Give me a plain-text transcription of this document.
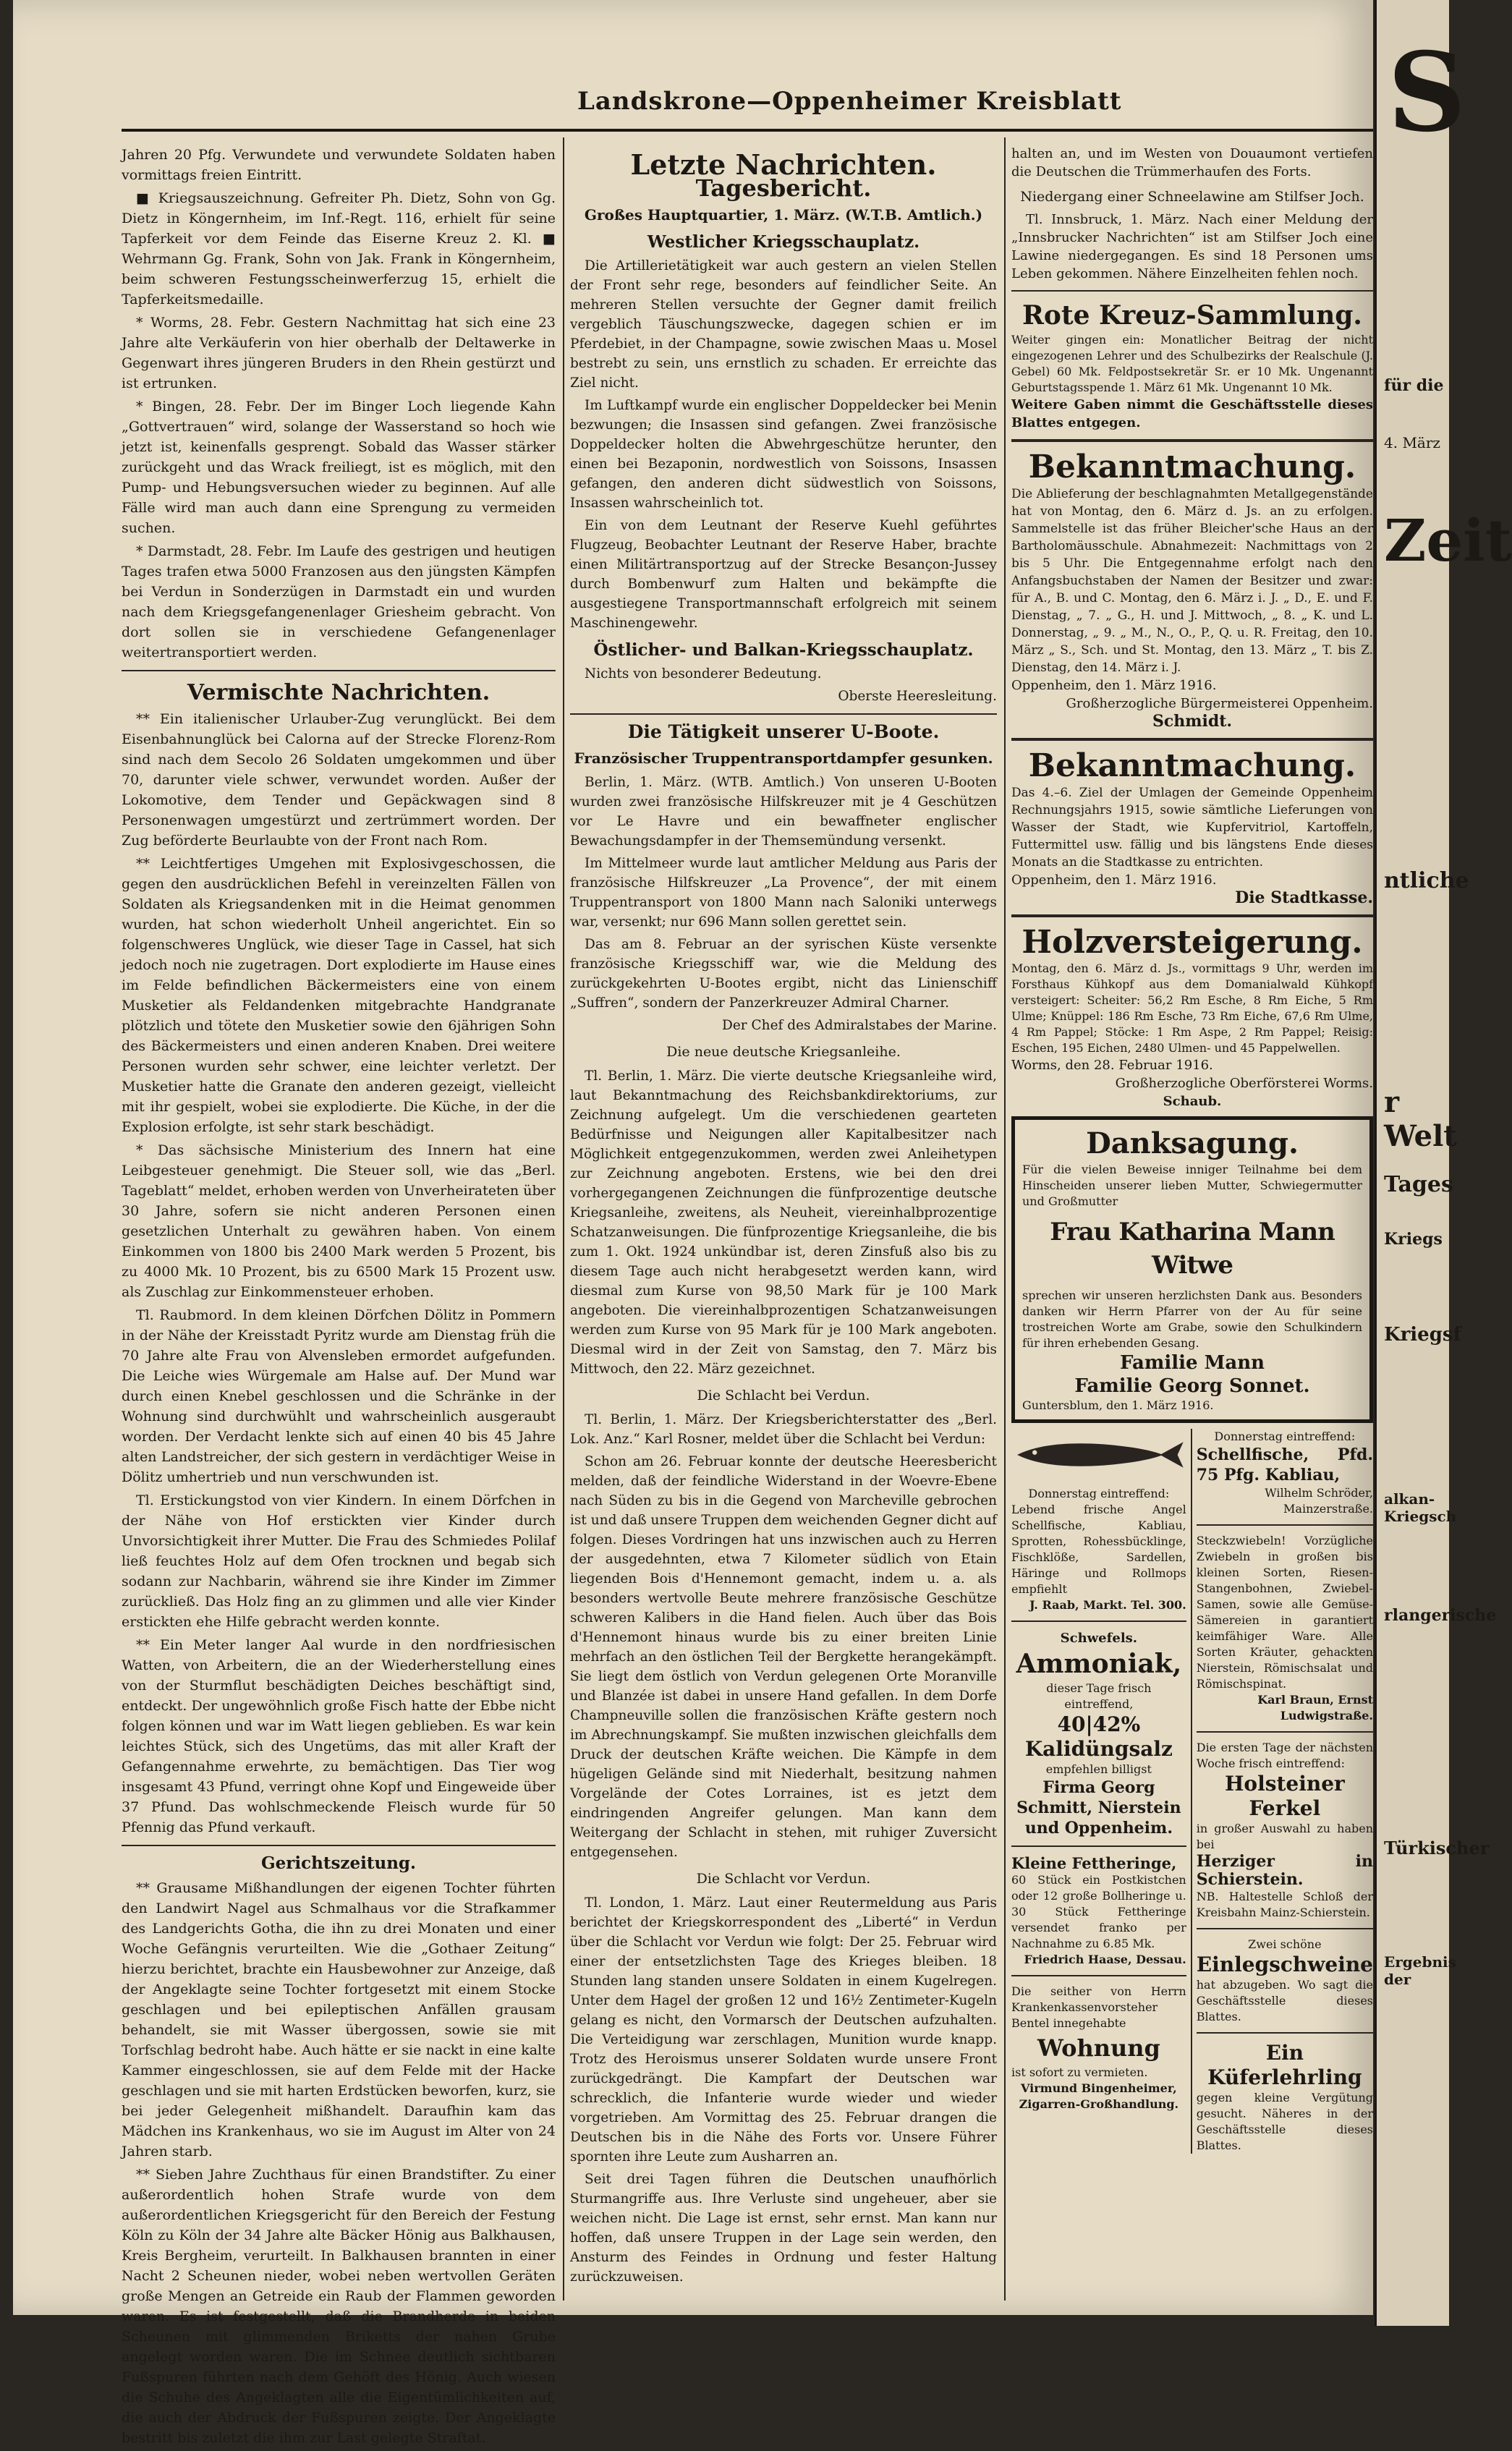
Landskrone—Oppenheimer Kreisblatt

Jahren 20 Pfg. Verwundete und verwundete Soldaten haben vormittags freien Eintritt.

■ Kriegsauszeichnung. Gefreiter Ph. Dietz, Sohn von Gg. Dietz in Köngernheim, im Inf.-Regt. 116, erhielt für seine Tapferkeit vor dem Feinde das Eiserne Kreuz 2. Kl. ■ Wehrmann Gg. Frank, Sohn von Jak. Frank in Köngernheim, beim schweren Festungsscheinwerferzug 15, erhielt die Tapferkeitsmedaille.

* Worms, 28. Febr. Gestern Nachmittag hat sich eine 23 Jahre alte Verkäuferin von hier oberhalb der Deltawerke in Gegenwart ihres jüngeren Bruders in den Rhein gestürzt und ist ertrunken.

* Bingen, 28. Febr. Der im Binger Loch liegende Kahn „Gottvertrauen“ wird, solange der Wasserstand so hoch wie jetzt ist, keinenfalls gesprengt. Sobald das Wasser stärker zurückgeht und das Wrack freiliegt, ist es möglich, mit den Pump- und Hebungsversuchen wieder zu beginnen. Auf alle Fälle wird man auch dann eine Sprengung zu vermeiden suchen.

* Darmstadt, 28. Febr. Im Laufe des gestrigen und heutigen Tages trafen etwa 5000 Franzosen aus den jüngsten Kämpfen bei Verdun in Sonderzügen in Darmstadt ein und wurden nach dem Kriegsgefangenenlager Griesheim gebracht. Von dort sollen sie in verschiedene Gefangenenlager weitertransportiert werden.

Vermischte Nachrichten.

** Ein italienischer Urlauber-Zug verunglückt. Bei dem Eisenbahnunglück bei Calorna auf der Strecke Florenz-Rom sind nach dem Secolo 26 Soldaten umgekommen und über 70, darunter viele schwer, verwundet worden. Außer der Lokomotive, dem Tender und Gepäckwagen sind 8 Personenwagen umgestürzt und zertrümmert worden. Der Zug beförderte Beurlaubte von der Front nach Rom.

** Leichtfertiges Umgehen mit Explosivgeschossen, die gegen den ausdrücklichen Befehl in vereinzelten Fällen von Soldaten als Kriegsandenken mit in die Heimat genommen wurden, hat schon wiederholt Unheil angerichtet. Ein so folgenschweres Unglück, wie dieser Tage in Cassel, hat sich jedoch noch nie zugetragen. Dort explodierte im Hause eines im Felde befindlichen Bäckermeisters eine von einem Musketier als Feldandenken mitgebrachte Handgranate plötzlich und tötete den Musketier sowie den 6jährigen Sohn des Bäckermeisters und einen anderen Knaben. Drei weitere Personen wurden sehr schwer, eine leichter verletzt. Der Musketier hatte die Granate den anderen gezeigt, vielleicht mit ihr gespielt, wobei sie explodierte. Die Küche, in der die Explosion erfolgte, ist sehr stark beschädigt.

* Das sächsische Ministerium des Innern hat eine Leibgesteuer genehmigt. Die Steuer soll, wie das „Berl. Tageblatt“ meldet, erhoben werden von Unverheirateten über 30 Jahre, sofern sie nicht anderen Personen einen gesetzlichen Unterhalt zu gewähren haben. Von einem Einkommen von 1800 bis 2400 Mark werden 5 Prozent, bis zu 4000 Mk. 10 Prozent, bis zu 6500 Mark 15 Prozent usw. als Zuschlag zur Einkommensteuer erhoben.

Tl. Raubmord. In dem kleinen Dörfchen Dölitz in Pommern in der Nähe der Kreisstadt Pyritz wurde am Dienstag früh die 70 Jahre alte Frau von Alvensleben ermordet aufgefunden. Die Leiche wies Würgemale am Halse auf. Der Mund war durch einen Knebel geschlossen und die Schränke in der Wohnung sind durchwühlt und wahrscheinlich ausgeraubt worden. Der Verdacht lenkte sich auf einen 40 bis 45 Jahre alten Landstreicher, der sich gestern in verdächtiger Weise in Dölitz umhertrieb und nun verschwunden ist.

Tl. Erstickungstod von vier Kindern. In einem Dörfchen in der Nähe von Hof erstickten vier Kinder durch Unvorsichtigkeit ihrer Mutter. Die Frau des Schmiedes Polilaf ließ feuchtes Holz auf dem Ofen trocknen und begab sich sodann zur Nachbarin, während sie ihre Kinder im Zimmer zurückließ. Das Holz fing an zu glimmen und alle vier Kinder erstickten ehe Hilfe gebracht werden konnte.

** Ein Meter langer Aal wurde in den nordfriesischen Watten, von Arbeitern, die an der Wiederherstellung eines von der Sturmflut beschädigten Deiches beschäftigt sind, entdeckt. Der ungewöhnlich große Fisch hatte der Ebbe nicht folgen können und war im Watt liegen geblieben. Es war kein leichtes Stück, sich des Ungetüms, das mit aller Kraft der Gefangennahme erwehrte, zu bemächtigen. Das Tier wog insgesamt 43 Pfund, verringt ohne Kopf und Eingeweide über 37 Pfund. Das wohlschmeckende Fleisch wurde für 50 Pfennig das Pfund verkauft.

Gerichtszeitung.

** Grausame Mißhandlungen der eigenen Tochter führten den Landwirt Nagel aus Schmalhaus vor die Strafkammer des Landgerichts Gotha, die ihn zu drei Monaten und einer Woche Gefängnis verurteilten. Wie die „Gothaer Zeitung“ hierzu berichtet, brachte ein Hausbewohner zur Anzeige, daß der Angeklagte seine Tochter fortgesetzt mit einem Stocke geschlagen und bei epileptischen Anfällen grausam behandelt, sie mit Wasser übergossen, sowie sie mit Torfschlag bedroht habe. Auch hätte er sie nackt in eine kalte Kammer eingeschlossen, sie auf dem Felde mit der Hacke geschlagen und sie mit harten Erdstücken beworfen, kurz, sie bei jeder Gelegenheit mißhandelt. Daraufhin kam das Mädchen ins Krankenhaus, wo sie im August im Alter von 24 Jahren starb.

** Sieben Jahre Zuchthaus für einen Brandstifter. Zu einer außerordentlich hohen Strafe wurde von dem außerordentlichen Kriegsgericht für den Bereich der Festung Köln zu Köln der 34 Jahre alte Bäcker Hönig aus Balkhausen, Kreis Bergheim, verurteilt. In Balkhausen brannten in einer Nacht 2 Scheunen nieder, wobei neben wertvollen Geräten große Mengen an Getreide ein Raub der Flammen geworden waren. Es ist festgestellt, daß die Brandherde in beiden Scheunen mit glimmenden Briketts der nahen Grube angelegt worden waren. Die im Schnee deutlich sichtbaren Fußspuren führten nach dem Gehöft des Hönig. Auch wiesen die Schuhe des Angeklagten alle die Eigentümlichkeiten auf, die auch der Abdruck der Fußspuren zeigte. Der Angeklagte bestritt bis zuletzt die ihm zur Last gelegte Straftat.

Letzte Nachrichten.
Tagesbericht.
Großes Hauptquartier, 1. März. (W.T.B. Amtlich.)
Westlicher Kriegsschauplatz.

Die Artillerietätigkeit war auch gestern an vielen Stellen der Front sehr rege, besonders auf feindlicher Seite. An mehreren Stellen versuchte der Gegner damit freilich vergeblich Täuschungszwecke, dagegen schien er im Pferdebiet, in der Champagne, sowie zwischen Maas u. Mosel bestrebt zu sein, uns ernstlich zu schaden. Er erreichte das Ziel nicht.

Im Luftkampf wurde ein englischer Doppeldecker bei Menin bezwungen; die Insassen sind gefangen. Zwei französische Doppeldecker holten die Abwehrgeschütze herunter, den einen bei Bezaponin, nordwestlich von Soissons, Insassen gefangen, den anderen dicht südwestlich von Soissons, Insassen wahrscheinlich tot.

Ein von dem Leutnant der Reserve Kuehl geführtes Flugzeug, Beobachter Leutnant der Reserve Haber, brachte einen Militärtransportzug auf der Strecke Besançon-Jussey durch Bombenwurf zum Halten und bekämpfte die ausgestiegene Transportmannschaft erfolgreich mit seinem Maschinengewehr.

Östlicher- und Balkan-Kriegsschauplatz.

Nichts von besonderer Bedeutung.

Oberste Heeresleitung.
Die Tätigkeit unserer U-Boote.
Französischer Truppentransportdampfer gesunken.

Berlin, 1. März. (WTB. Amtlich.) Von unseren U-Booten wurden zwei französische Hilfskreuzer mit je 4 Geschützen vor Le Havre und ein bewaffneter englischer Bewachungsdampfer in der Themsemündung versenkt.

Im Mittelmeer wurde laut amtlicher Meldung aus Paris der französische Hilfskreuzer „La Provence“, der mit einem Truppentransport von 1800 Mann nach Saloniki unterwegs war, versenkt; nur 696 Mann sollen gerettet sein.

Das am 8. Februar an der syrischen Küste versenkte französische Kriegsschiff war, wie die Meldung des zurückgekehrten U-Bootes ergibt, nicht das Linienschiff „Suffren“, sondern der Panzerkreuzer Admiral Charner.

Der Chef des Admiralstabes der Marine.
Die neue deutsche Kriegsanleihe.

Tl. Berlin, 1. März. Die vierte deutsche Kriegsanleihe wird, laut Bekanntmachung des Reichsbankdirektoriums, zur Zeichnung aufgelegt. Um die verschiedenen gearteten Bedürfnisse und Neigungen aller Kapitalbesitzer nach Möglichkeit entgegenzukommen, werden zwei Anleihetypen zur Zeichnung angeboten. Erstens, wie bei den drei vorhergegangenen Zeichnungen die fünfprozentige deutsche Kriegsanleihe, zweitens, als Neuheit, viereinhalbprozentige Schatzanweisungen. Die fünfprozentige Kriegsanleihe, die bis zum 1. Okt. 1924 unkündbar ist, deren Zinsfuß also bis zu diesem Tage auch nicht herabgesetzt werden kann, wird diesmal zum Kurse von 98,50 Mark für je 100 Mark angeboten. Die viereinhalbprozentigen Schatzanweisungen werden zum Kurse von 95 Mark für je 100 Mark angeboten. Diesmal wird in der Zeit von Samstag, den 7. März bis Mittwoch, den 22. März gezeichnet.

Die Schlacht bei Verdun.

Tl. Berlin, 1. März. Der Kriegsberichterstatter des „Berl. Lok. Anz.“ Karl Rosner, meldet über die Schlacht bei Verdun:

Schon am 26. Februar konnte der deutsche Heeresbericht melden, daß der feindliche Widerstand in der Woevre-Ebene nach Süden zu bis in die Gegend von Marcheville gebrochen ist und daß unsere Truppen dem weichenden Gegner dicht auf folgen. Dieses Vordringen hat uns inzwischen auch zu Herren der ausgedehnten, etwa 7 Kilometer südlich von Etain liegenden Bois d'Hennemont gemacht, indem u. a. als besonders wertvolle Beute mehrere französische Geschütze schweren Kalibers in die Hand fielen. Auch über das Bois d'Hennemont hinaus wurde bis zu einer breiten Linie mehrfach an den östlichen Teil der Bergkette herangekämpft. Sie liegt dem östlich von Verdun gelegenen Orte Moranville und Blanzée ist dabei in unsere Hand gefallen. In dem Dorfe Champneuville sollen die französischen Kräfte gestern noch im Abrechnungskampf. Sie mußten inzwischen gleichfalls dem Druck der deutschen Kräfte weichen. Die Kämpfe in dem hügeligen Gelände sind mit Niederhalt, besitzung nahmen Vorgelände der Cotes Lorraines, ist es jetzt dem eindringenden Angreifer gelungen. Man kann dem Weitergang der Schlacht in stehen, mit ruhiger Zuversicht entgegensehen.

Die Schlacht vor Verdun.

Tl. London, 1. März. Laut einer Reutermeldung aus Paris berichtet der Kriegskorrespondent des „Liberté“ in Verdun über die Schlacht vor Verdun wie folgt: Der 25. Februar wird einer der entsetzlichsten Tage des Krieges bleiben. 18 Stunden lang standen unsere Soldaten in einem Kugelregen. Unter dem Hagel der großen 12 und 16½ Zentimeter-Kugeln gelang es nicht, den Vormarsch der Deutschen aufzuhalten. Die Verteidigung war zerschlagen, Munition wurde knapp. Trotz des Heroismus unserer Soldaten wurde unsere Front zurückgedrängt. Die Kampfart der Deutschen war schrecklich, die Infanterie wurde wieder und wieder vorgetrieben. Am Vormittag des 25. Februar drangen die Deutschen bis in die Nähe des Forts vor. Unsere Führer spornten ihre Leute zum Ausharren an.

Seit drei Tagen führen die Deutschen unaufhörlich Sturmangriffe aus. Ihre Verluste sind ungeheuer, aber sie weichen nicht. Die Lage ist ernst, sehr ernst. Man kann nur hoffen, daß unsere Truppen in der Lage sein werden, den Ansturm des Feindes in Ordnung und fester Haltung zurückzuweisen.

halten an, und im Westen von Douaumont vertiefen die Deutschen die Trümmerhaufen des Forts.

Niedergang einer Schneelawine am Stilfser Joch.

Tl. Innsbruck, 1. März. Nach einer Meldung der „Innsbrucker Nachrichten“ ist am Stilfser Joch eine Lawine niedergegangen. Es sind 18 Personen ums Leben gekommen. Nähere Einzelheiten fehlen noch.

Rote Kreuz-Sammlung.
Weiter gingen ein: Monatlicher Beitrag der nicht eingezogenen Lehrer und des Schulbezirks der Realschule (J. Gebel) 60 Mk. Feldpostsekretär Sr. er 10 Mk. Ungenannt Geburtstagsspende 1. März 61 Mk. Ungenannt 10 Mk.
Weitere Gaben nimmt die Geschäftsstelle dieses Blattes entgegen.
Bekanntmachung.
Die Ablieferung der beschlagnahmten Metallgegenstände hat von Montag, den 6. März d. Js. an zu erfolgen. Sammelstelle ist das früher Bleicher'sche Haus an der Bartholomäusschule. Abnahmezeit: Nachmittags von 2 bis 5 Uhr. Die Entgegennahme erfolgt nach den Anfangsbuchstaben der Namen der Besitzer und zwar: für A., B. und C. Montag, den 6. März i. J. „ D., E. und F. Dienstag, „ 7. „ G., H. und J. Mittwoch, „ 8. „ K. und L. Donnerstag, „ 9. „ M., N., O., P., Q. u. R. Freitag, den 10. März „ S., Sch. und St. Montag, den 13. März „ T. bis Z. Dienstag, den 14. März i. J.
Oppenheim, den 1. März 1916.
Großherzogliche Bürgermeisterei Oppenheim.
Schmidt.
Bekanntmachung.
Das 4.–6. Ziel der Umlagen der Gemeinde Oppenheim Rechnungsjahrs 1915, sowie sämtliche Lieferungen von Wasser der Stadt, wie Kupfervitriol, Kartoffeln, Futtermittel usw. fällig und bis längstens Ende dieses Monats an die Stadtkasse zu entrichten.
Oppenheim, den 1. März 1916.
Die Stadtkasse.
Holzversteigerung.
Montag, den 6. März d. Js., vormittags 9 Uhr, werden im Forsthaus Kühkopf aus dem Domanialwald Kühkopf versteigert: Scheiter: 56,2 Rm Esche, 8 Rm Eiche, 5 Rm Ulme; Knüppel: 186 Rm Esche, 73 Rm Eiche, 67,6 Rm Ulme, 4 Rm Pappel; Stöcke: 1 Rm Aspe, 2 Rm Pappel; Reisig: Eschen, 195 Eichen, 2480 Ulmen- und 45 Pappelwellen.
Worms, den 28. Februar 1916.
Großherzogliche Oberförsterei Worms.
Schaub.
Danksagung.
Für die vielen Beweise inniger Teilnahme bei dem Hinscheiden unserer lieben Mutter, Schwiegermutter und Großmutter
Frau Katharina Mann Witwe
sprechen wir unseren herzlichsten Dank aus. Besonders danken wir Herrn Pfarrer von der Au für seine trostreichen Worte am Grabe, sowie den Schulkindern für ihren erhebenden Gesang.
Familie Mann
Familie Georg Sonnet.
Guntersblum, den 1. März 1916.
Donnerstag eintreffend:
Lebend frische Angel Schellfische, Kabliau, Sprotten, Rohessbücklinge, Fischklöße, Sardellen, Häringe und Rollmops empfiehlt
J. Raab, Markt. Tel. 300.
Schwefels.
Ammoniak,
dieser Tage frisch eintreffend,
40|42% Kalidüngsalz
empfehlen billigst
Firma Georg Schmitt, Nierstein und Oppenheim.
Kleine Fettheringe,
60 Stück ein Postkistchen oder 12 große Bollheringe u. 30 Stück Fettheringe versendet franko per Nachnahme zu 6.85 Mk.
Friedrich Haase, Dessau.
Die seither von Herrn Krankenkassenvorsteher Bentel innegehabte
Wohnung
ist sofort zu vermieten.
Virmund Bingenheimer, Zigarren-Großhandlung.
Donnerstag eintreffend:
Schellfische, Pfd. 75 Pfg. Kabliau,
Wilhelm Schröder, Mainzerstraße.
Steckzwiebeln! Vorzügliche Zwiebeln in großen bis kleinen Sorten, Riesen-Stangenbohnen, Zwiebel-Samen, sowie alle Gemüse-Sämereien in garantiert keimfähiger Ware. Alle Sorten Kräuter, gehackten Nierstein, Römischsalat und Römischspinat.
Karl Braun, Ernst Ludwigstraße.
Die ersten Tage der nächsten Woche frisch eintreffend:
Holsteiner Ferkel
in großer Auswahl zu haben bei
Herziger in Schierstein.
NB. Haltestelle Schloß der Kreisbahn Mainz-Schierstein.
Zwei schöne
Einlegschweine
hat abzugeben. Wo sagt die Geschäftsstelle dieses Blattes.
Ein Küferlehrling
gegen kleine Vergütung gesucht. Näheres in der Geschäftsstelle dieses Blattes.
S
für die
4. März
Zeit
ntliche
r Welt
Tages
Kriegs
Kriegsf
alkan-Kriegsch
rlangerische
Türkischer
Ergebnis der
